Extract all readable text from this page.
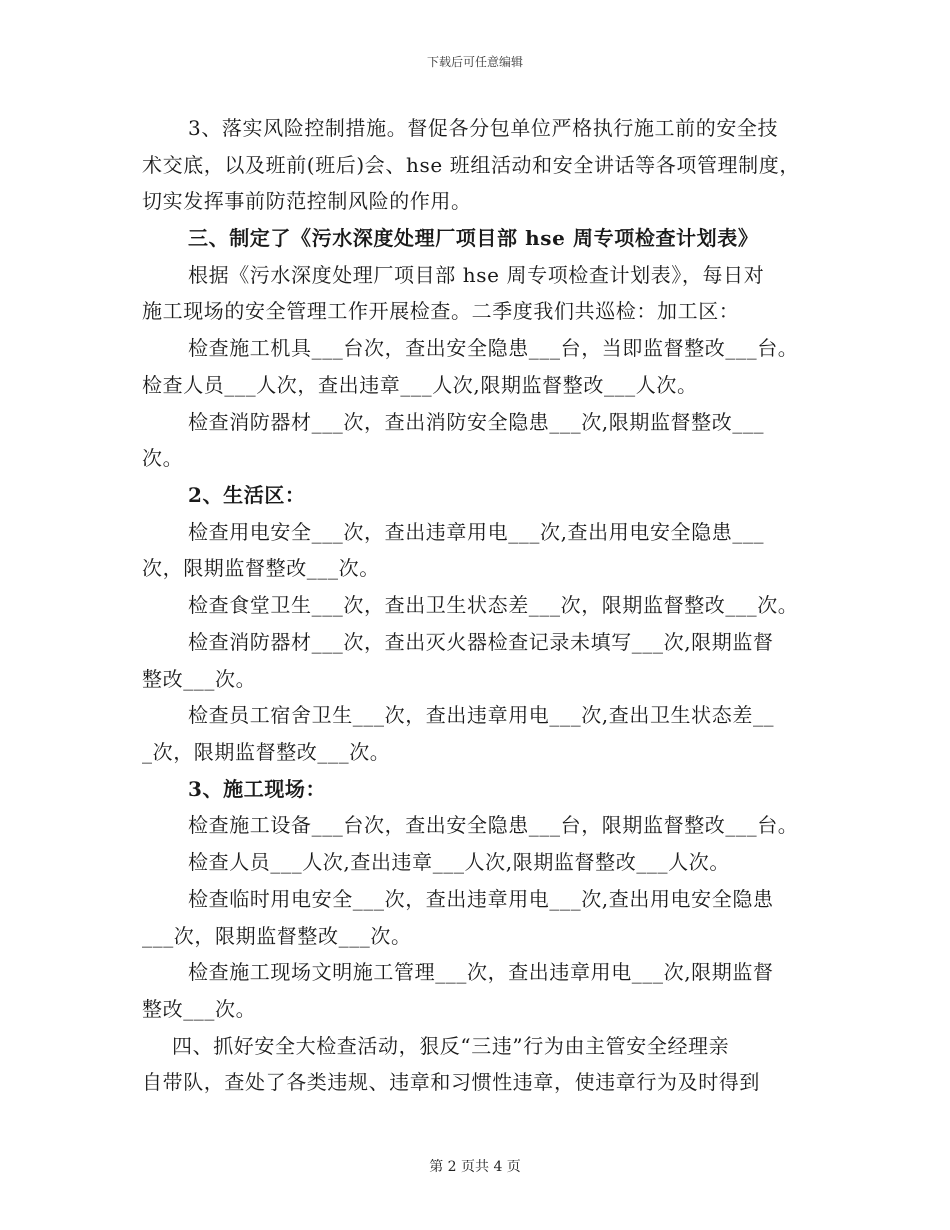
下载后可任意编辑
3、落实风险控制措施。督促各分包单位严格执行施工前的安全技
术交底，以及班前(班后)会、hse 班组活动和安全讲话等各项管理制度，
切实发挥事前防范控制风险的作用。
三、制定了《污水深度处理厂项目部 hse 周专项检查计划表》
根据《污水深度处理厂项目部 hse 周专项检查计划表》，每日对
施工现场的安全管理工作开展检查。二季度我们共巡检：加工区：
检查施工机具___台次，查出安全隐患___台，当即监督整改___台。
检查人员___人次，查出违章___人次,限期监督整改___人次。
检查消防器材___次，查出消防安全隐患___次,限期监督整改___
次。
2、生活区：
检查用电安全___次，查出违章用电___次,查出用电安全隐患___
次，限期监督整改___次。
检查食堂卫生___次，查出卫生状态差___次，限期监督整改___次。
检查消防器材___次，查出灭火器检查记录未填写___次,限期监督
整改___次。
检查员工宿舍卫生___次，查出违章用电___次,查出卫生状态差__
_次，限期监督整改___次。
3、施工现场：
检查施工设备___台次，查出安全隐患___台，限期监督整改___台。
检查人员___人次,查出违章___人次,限期监督整改___人次。
检查临时用电安全___次，查出违章用电___次,查出用电安全隐患
___次，限期监督整改___次。
检查施工现场文明施工管理___次，查出违章用电___次,限期监督
整改___次。
四、抓好安全大检查活动，狠反“三违”行为由主管安全经理亲
自带队，查处了各类违规、违章和习惯性违章，使违章行为及时得到
第 2 页共 4 页
